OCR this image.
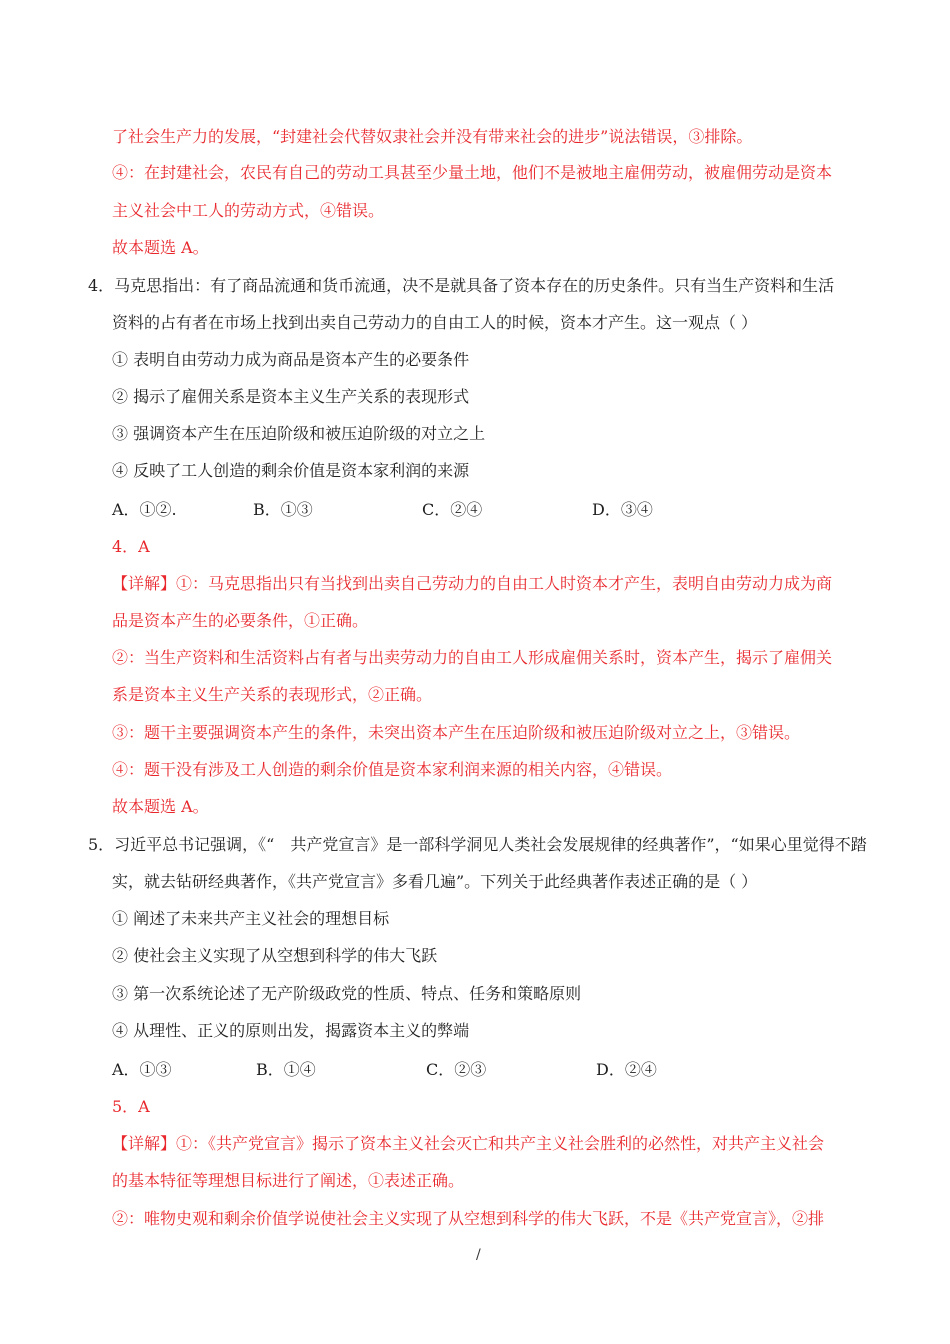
了社会生产力的发展，“封建社会代替奴隶社会并没有带来社会的进步”说法错误，③排除。
④：在封建社会，农民有自己的劳动工具甚至少量土地，他们不是被地主雇佣劳动，被雇佣劳动是资本
主义社会中工人的劳动方式，④错误。
故本题选 A。
4．马克思指出：有了商品流通和货币流通，决不是就具备了资本存在的历史条件。只有当生产资料和生活
资料的占有者在市场上找到出卖自己劳动力的自由工人的时候，资本才产生。这一观点（ ）
① 表明自由劳动力成为商品是资本产生的必要条件
② 揭示了雇佣关系是资本主义生产关系的表现形式
③ 强调资本产生在压迫阶级和被压迫阶级的对立之上
④ 反映了工人创造的剩余价值是资本家利润的来源
A．①②.	B．①③	C．②④	D．③④
4．A
【详解】①：马克思指出只有当找到出卖自己劳动力的自由工人时资本才产生，表明自由劳动力成为商
品是资本产生的必要条件，①正确。
②：当生产资料和生活资料占有者与出卖劳动力的自由工人形成雇佣关系时，资本产生，揭示了雇佣关
系是资本主义生产关系的表现形式，②正确。
③：题干主要强调资本产生的条件，未突出资本产生在压迫阶级和被压迫阶级对立之上，③错误。
④：题干没有涉及工人创造的剩余价值是资本家利润来源的相关内容，④错误。
故本题选 A。
5．习近平总书记强调，《“　共产党宣言》是一部科学洞见人类社会发展规律的经典著作”，“如果心里觉得不踏
实，就去钻研经典著作，《共产党宣言》多看几遍”。下列关于此经典著作表述正确的是（ ）
① 阐述了未来共产主义社会的理想目标
② 使社会主义实现了从空想到科学的伟大飞跃
③ 第一次系统论述了无产阶级政党的性质、特点、任务和策略原则
④ 从理性、正义的原则出发，揭露资本主义的弊端
A．①③	B．①④	C．②③	D．②④
5．A
【详解】①：《共产党宣言》揭示了资本主义社会灭亡和共产主义社会胜利的必然性，对共产主义社会
的基本特征等理想目标进行了阐述，①表述正确。
②：唯物史观和剩余价值学说使社会主义实现了从空想到科学的伟大飞跃，不是《共产党宣言》，②排
/
